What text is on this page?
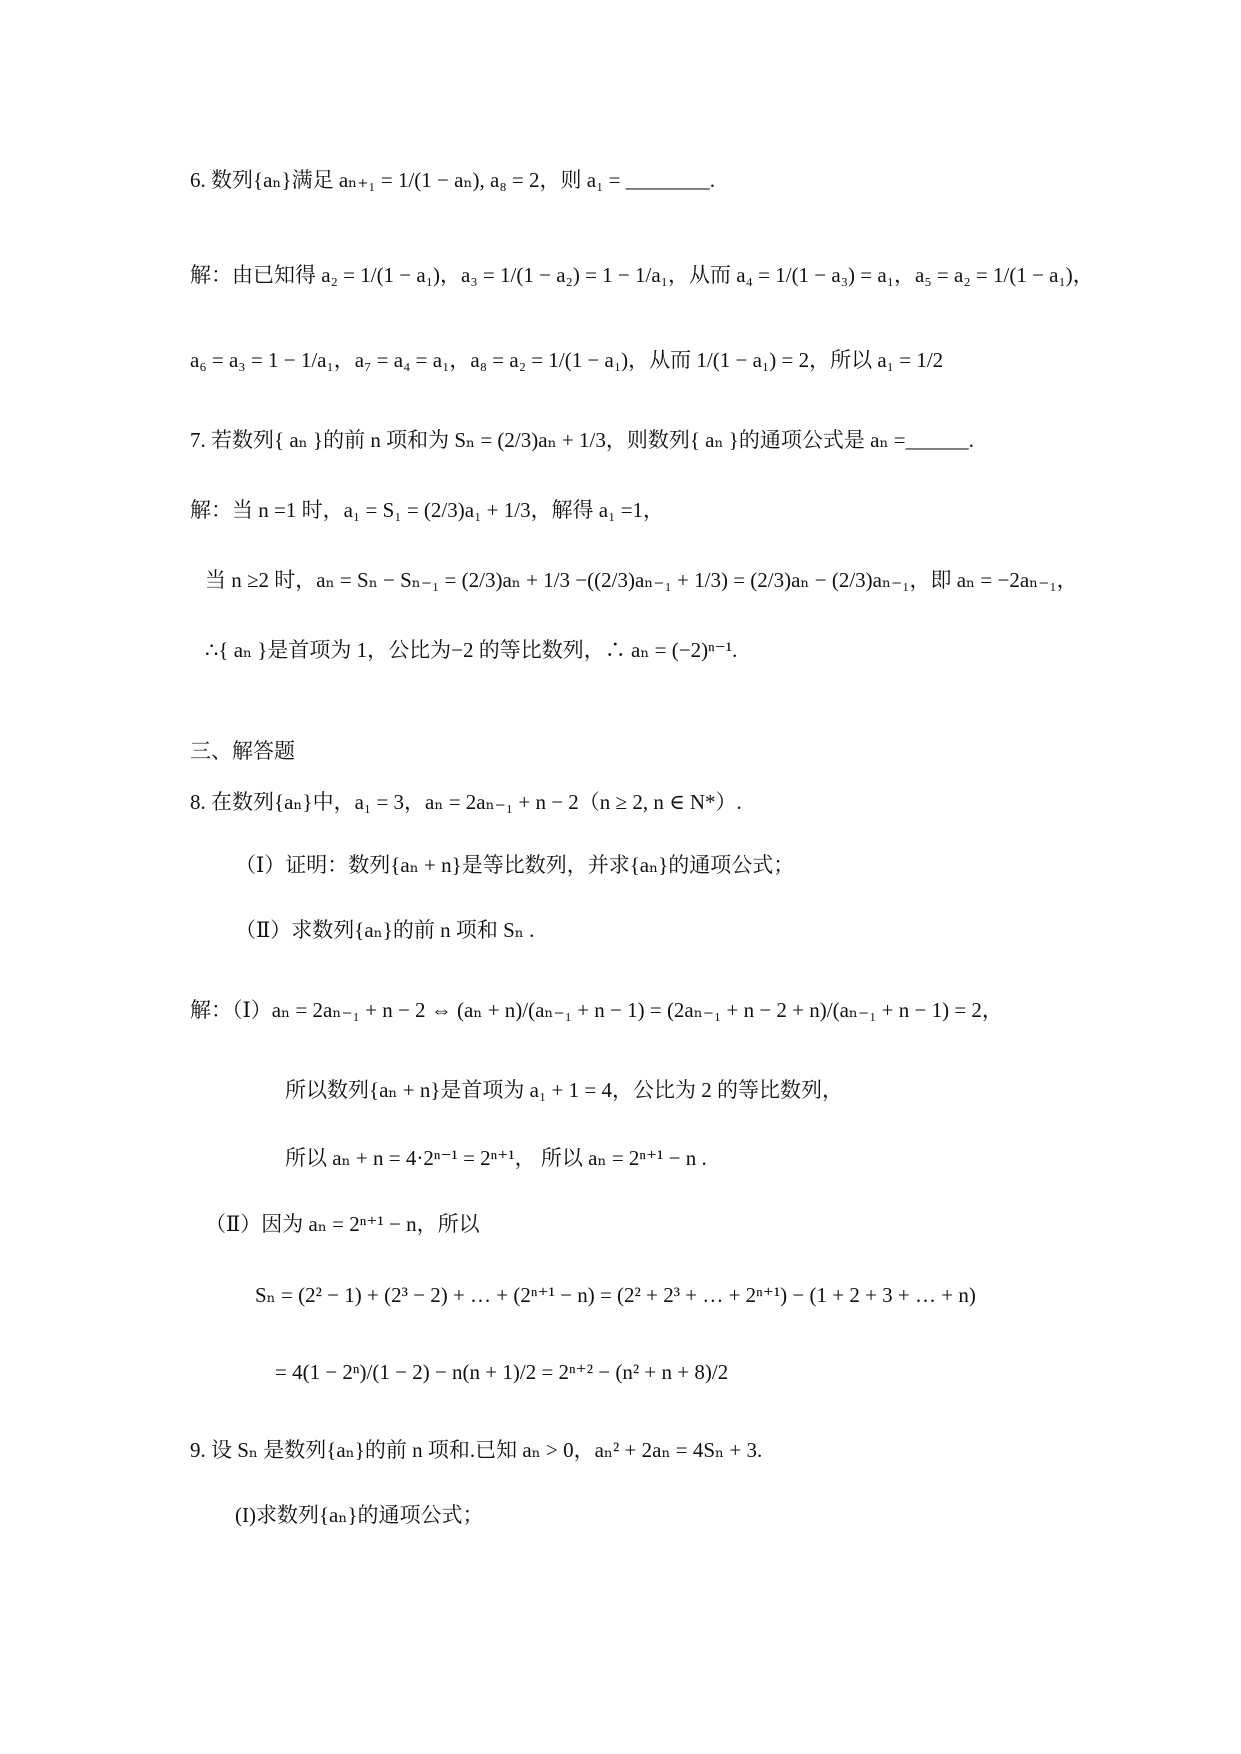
6. 数列{aₙ}满足 aₙ₊₁ = 1/(1 − aₙ), a₈ = 2，则 a₁ = ________.
解：由已知得 a₂ = 1/(1 − a₁)，a₃ = 1/(1 − a₂) = 1 − 1/a₁，从而 a₄ = 1/(1 − a₃) = a₁，a₅ = a₂ = 1/(1 − a₁)，
a₆ = a₃ = 1 − 1/a₁，a₇ = a₄ = a₁，a₈ = a₂ = 1/(1 − a₁)，从而 1/(1 − a₁) = 2，所以 a₁ = 1/2
7. 若数列{ aₙ }的前 n 项和为 Sₙ = (2/3)aₙ + 1/3，则数列{ aₙ }的通项公式是 aₙ =______.
解：当 n =1 时，a₁ = S₁ = (2/3)a₁ + 1/3，解得 a₁ =1，
当 n ≥2 时，aₙ = Sₙ − Sₙ₋₁ = (2/3)aₙ + 1/3 −((2/3)aₙ₋₁ + 1/3) = (2/3)aₙ − (2/3)aₙ₋₁，即 aₙ = −2aₙ₋₁，
∴{ aₙ }是首项为 1，公比为−2 的等比数列，∴ aₙ = (−2)ⁿ⁻¹.
三、解答题
8. 在数列{aₙ}中，a₁ = 3，aₙ = 2aₙ₋₁ + n − 2（n ≥ 2, n ∈ N*）.
（Ⅰ）证明：数列{aₙ + n}是等比数列，并求{aₙ}的通项公式；
（Ⅱ）求数列{aₙ}的前 n 项和 Sₙ .
解：（Ⅰ）aₙ = 2aₙ₋₁ + n − 2 ⇔ (aₙ + n)/(aₙ₋₁ + n − 1) = (2aₙ₋₁ + n − 2 + n)/(aₙ₋₁ + n − 1) = 2，
所以数列{aₙ + n}是首项为 a₁ + 1 = 4，公比为 2 的等比数列，
所以 aₙ + n = 4·2ⁿ⁻¹ = 2ⁿ⁺¹， 所以 aₙ = 2ⁿ⁺¹ − n .
（Ⅱ）因为 aₙ = 2ⁿ⁺¹ − n，所以
Sₙ = (2² − 1) + (2³ − 2) + … + (2ⁿ⁺¹ − n) = (2² + 2³ + … + 2ⁿ⁺¹) − (1 + 2 + 3 + … + n)
= 4(1 − 2ⁿ)/(1 − 2) − n(n + 1)/2 = 2ⁿ⁺² − (n² + n + 8)/2
9. 设 Sₙ 是数列{aₙ}的前 n 项和.已知 aₙ > 0，aₙ² + 2aₙ = 4Sₙ + 3.
(I)求数列{aₙ}的通项公式；
